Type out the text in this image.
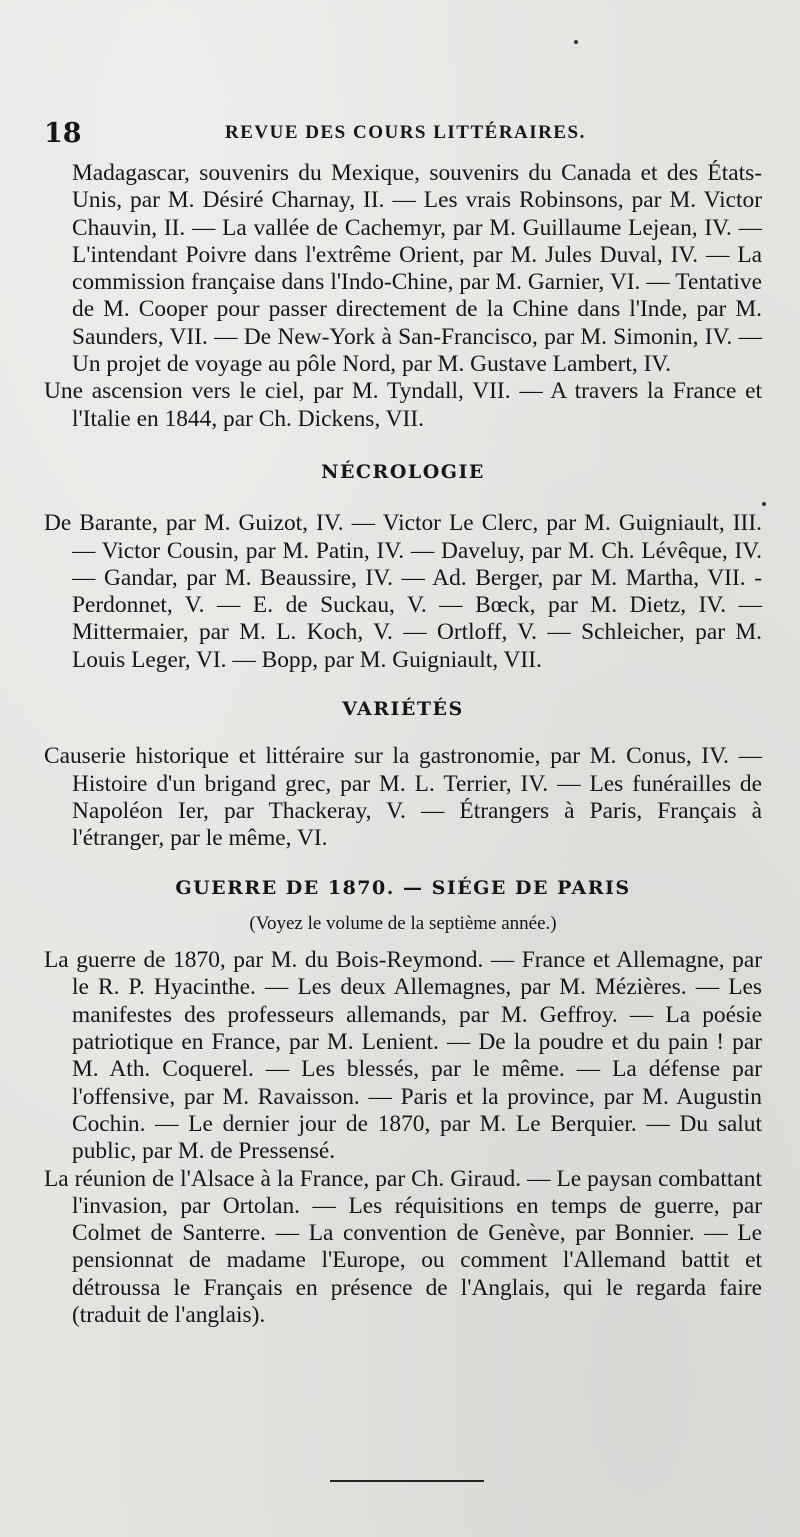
18	REVUE DES COURS LITTÉRAIRES.

Madagascar, souvenirs du Mexique, souvenirs du Canada et des États-Unis, par M. Désiré Charnay, II. — Les vrais Robinsons, par M. Victor Chauvin, II. — La vallée de Cachemyr, par M. Guillaume Lejean, IV. — L'intendant Poivre dans l'extrême Orient, par M. Jules Duval, IV. — La commission française dans l'Indo-Chine, par M. Garnier, VI. — Tentative de M. Cooper pour passer directement de la Chine dans l'Inde, par M. Saunders, VII. — De New-York à San-Francisco, par M. Simonin, IV. — Un projet de voyage au pôle Nord, par M. Gustave Lambert, IV.

Une ascension vers le ciel, par M. Tyndall, VII. — A travers la France et l'Italie en 1844, par Ch. Dickens, VII.

NÉCROLOGIE

De Barante, par M. Guizot, IV. — Victor Le Clerc, par M. Guigniault, III. — Victor Cousin, par M. Patin, IV. — Daveluy, par M. Ch. Lévêque, IV. — Gandar, par M. Beaussire, IV. — Ad. Berger, par M. Martha, VII. - Perdonnet, V. — E. de Suckau, V. — Bœck, par M. Dietz, IV. — Mittermaier, par M. L. Koch, V. — Ortloff, V. — Schleicher, par M. Louis Leger, VI. — Bopp, par M. Guigniault, VII.

VARIÉTÉS

Causerie historique et littéraire sur la gastronomie, par M. Conus, IV. — Histoire d'un brigand grec, par M. L. Terrier, IV. — Les funérailles de Napoléon Ier, par Thackeray, V. — Étrangers à Paris, Français à l'étranger, par le même, VI.

GUERRE DE 1870. — SIÉGE DE PARIS
(Voyez le volume de la septième année.)

La guerre de 1870, par M. du Bois-Reymond. — France et Allemagne, par le R. P. Hyacinthe. — Les deux Allemagnes, par M. Mézières. — Les manifestes des professeurs allemands, par M. Geffroy. — La poésie patriotique en France, par M. Lenient. — De la poudre et du pain ! par M. Ath. Coquerel. — Les blessés, par le même. — La défense par l'offensive, par M. Ravaisson. — Paris et la province, par M. Augustin Cochin. — Le dernier jour de 1870, par M. Le Berquier. — Du salut public, par M. de Pressensé.

La réunion de l'Alsace à la France, par Ch. Giraud. — Le paysan combattant l'invasion, par Ortolan. — Les réquisitions en temps de guerre, par Colmet de Santerre. — La convention de Genève, par Bonnier. — Le pensionnat de madame l'Europe, ou comment l'Allemand battit et détroussa le Français en présence de l'Anglais, qui le regarda faire (traduit de l'anglais).
